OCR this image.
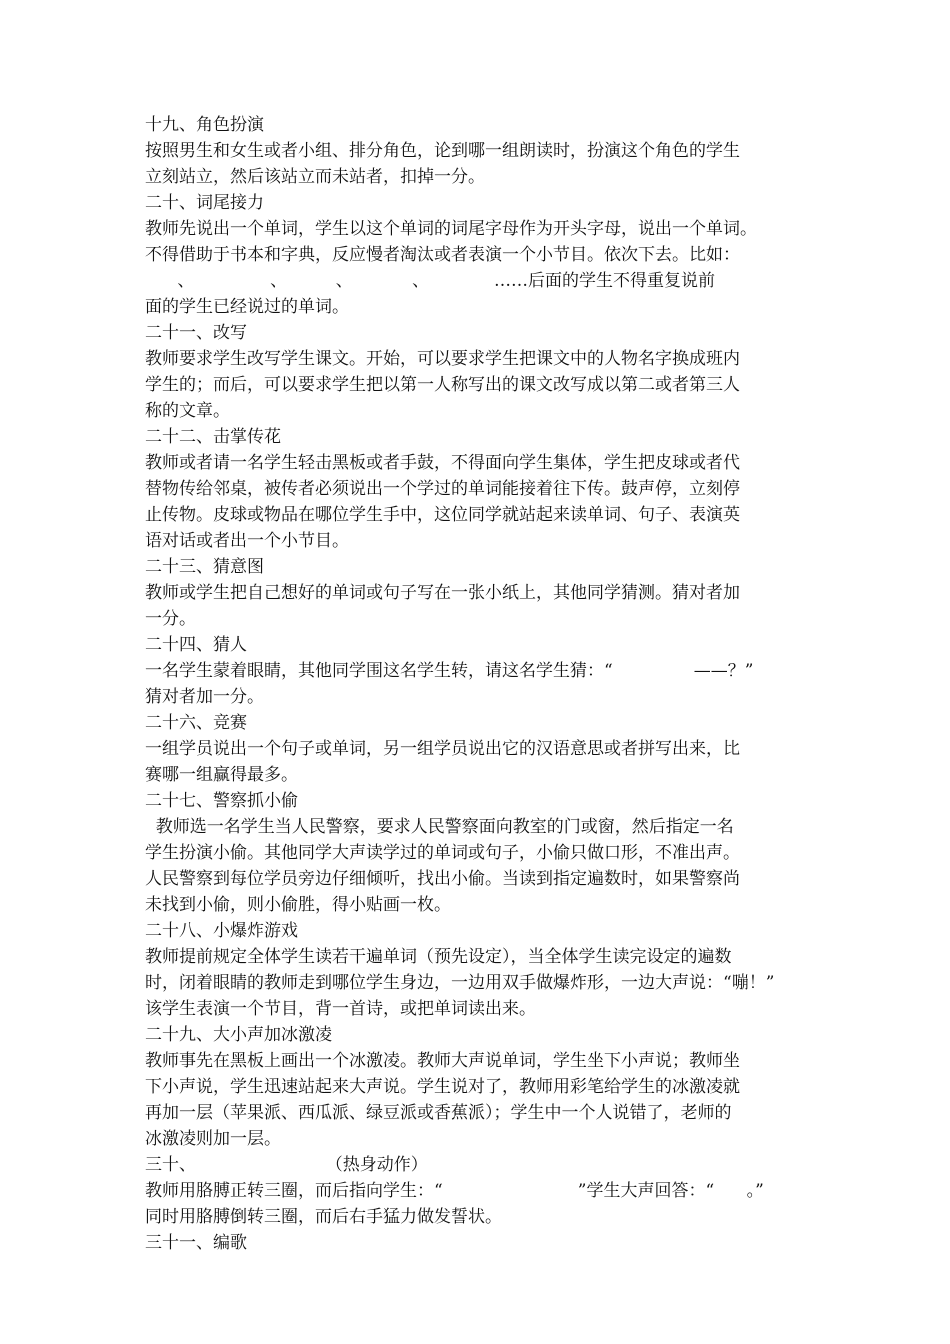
十九、角色扮演
按照男生和女生或者小组、排分角色，论到哪一组朗读时，扮演这个角色的学生
立刻站立，然后该站立而未站者，扣掉一分。
二十、词尾接力
教师先说出一个单词，学生以这个单词的词尾字母作为开头字母，说出一个单词。
不得借助于书本和字典，反应慢者淘汰或者表演一个小节目。依次下去。比如：
、              、         、           、            ……后面的学生不得重复说前
面的学生已经说过的单词。
二十一、改写
教师要求学生改写学生课文。开始，可以要求学生把课文中的人物名字换成班内
学生的；而后，可以要求学生把以第一人称写出的课文改写成以第二或者第三人
称的文章。
二十二、击掌传花
教师或者请一名学生轻击黑板或者手鼓，不得面向学生集体，学生把皮球或者代
替物传给邻桌，被传者必须说出一个学过的单词能接着往下传。鼓声停，立刻停
止传物。皮球或物品在哪位学生手中，这位同学就站起来读单词、句子、表演英
语对话或者出一个小节目。
二十三、猜意图
教师或学生把自己想好的单词或句子写在一张小纸上，其他同学猜测。猜对者加
一分。
二十四、猜人
一名学生蒙着眼睛，其他同学围这名学生转，请这名学生猜：“               ——？”
猜对者加一分。
二十六、竞赛
一组学员说出一个句子或单词，另一组学员说出它的汉语意思或者拼写出来，比
赛哪一组赢得最多。
二十七、警察抓小偷
教师选一名学生当人民警察，要求人民警察面向教室的门或窗，然后指定一名
学生扮演小偷。其他同学大声读学过的单词或句子，小偷只做口形，不准出声。
人民警察到每位学员旁边仔细倾听，找出小偷。当读到指定遍数时，如果警察尚
未找到小偷，则小偷胜，得小贴画一枚。
二十八、小爆炸游戏
教师提前规定全体学生读若干遍单词（预先设定），当全体学生读完设定的遍数
时，闭着眼睛的教师走到哪位学生身边，一边用双手做爆炸形，一边大声说：“嘣！”
该学生表演一个节目，背一首诗，或把单词读出来。
二十九、大小声加冰激凌
教师事先在黑板上画出一个冰激凌。教师大声说单词，学生坐下小声说；教师坐
下小声说，学生迅速站起来大声说。学生说对了，教师用彩笔给学生的冰激凌就
再加一层（苹果派、西瓜派、绿豆派或香蕉派）；学生中一个人说错了，老师的
冰激凌则加一层。
三十、                        （热身动作）
教师用胳膊正转三圈，而后指向学生：“                         ”学生大声回答：“      。”
同时用胳膊倒转三圈，而后右手猛力做发誓状。
三十一、编歌
